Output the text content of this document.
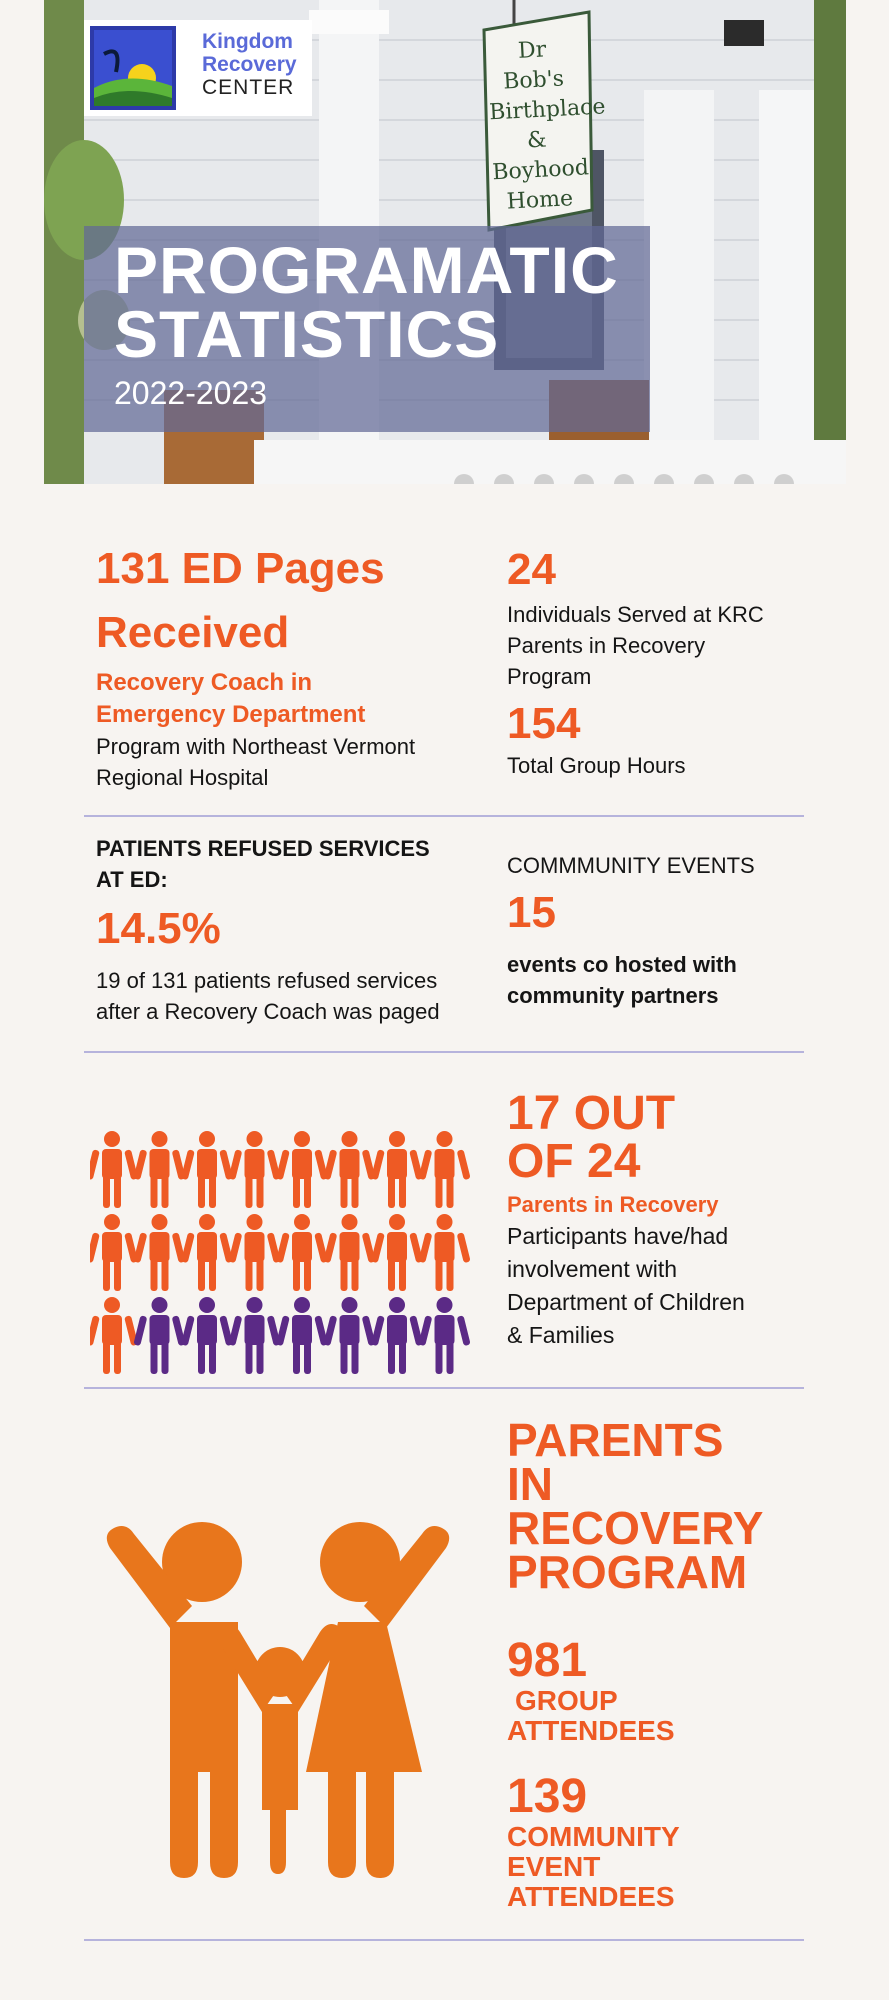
Dr Bob's
Birthplace
&
Boyhood
Home
Kingdom
Recovery
CENTER
PROGRAMATIC
STATISTICS
2022-2023
131 ED Pages
Received
Recovery Coach in
Emergency Department
Program with Northeast Vermont
Regional Hospital
24
Individuals Served at KRC
Parents in Recovery
Program
154
Total Group Hours
PATIENTS REFUSED SERVICES
AT ED:
14.5%
19 of 131 patients refused services
after a Recovery Coach was paged
COMMMUNITY EVENTS
15
events co hosted with
community partners
17 OUT
OF 24
Parents in Recovery
Participants have/had
involvement with
Department of Children
& Families
PARENTS
IN
RECOVERY
PROGRAM
981
GROUP
ATTENDEES
139
COMMUNITY
EVENT
ATTENDEES
